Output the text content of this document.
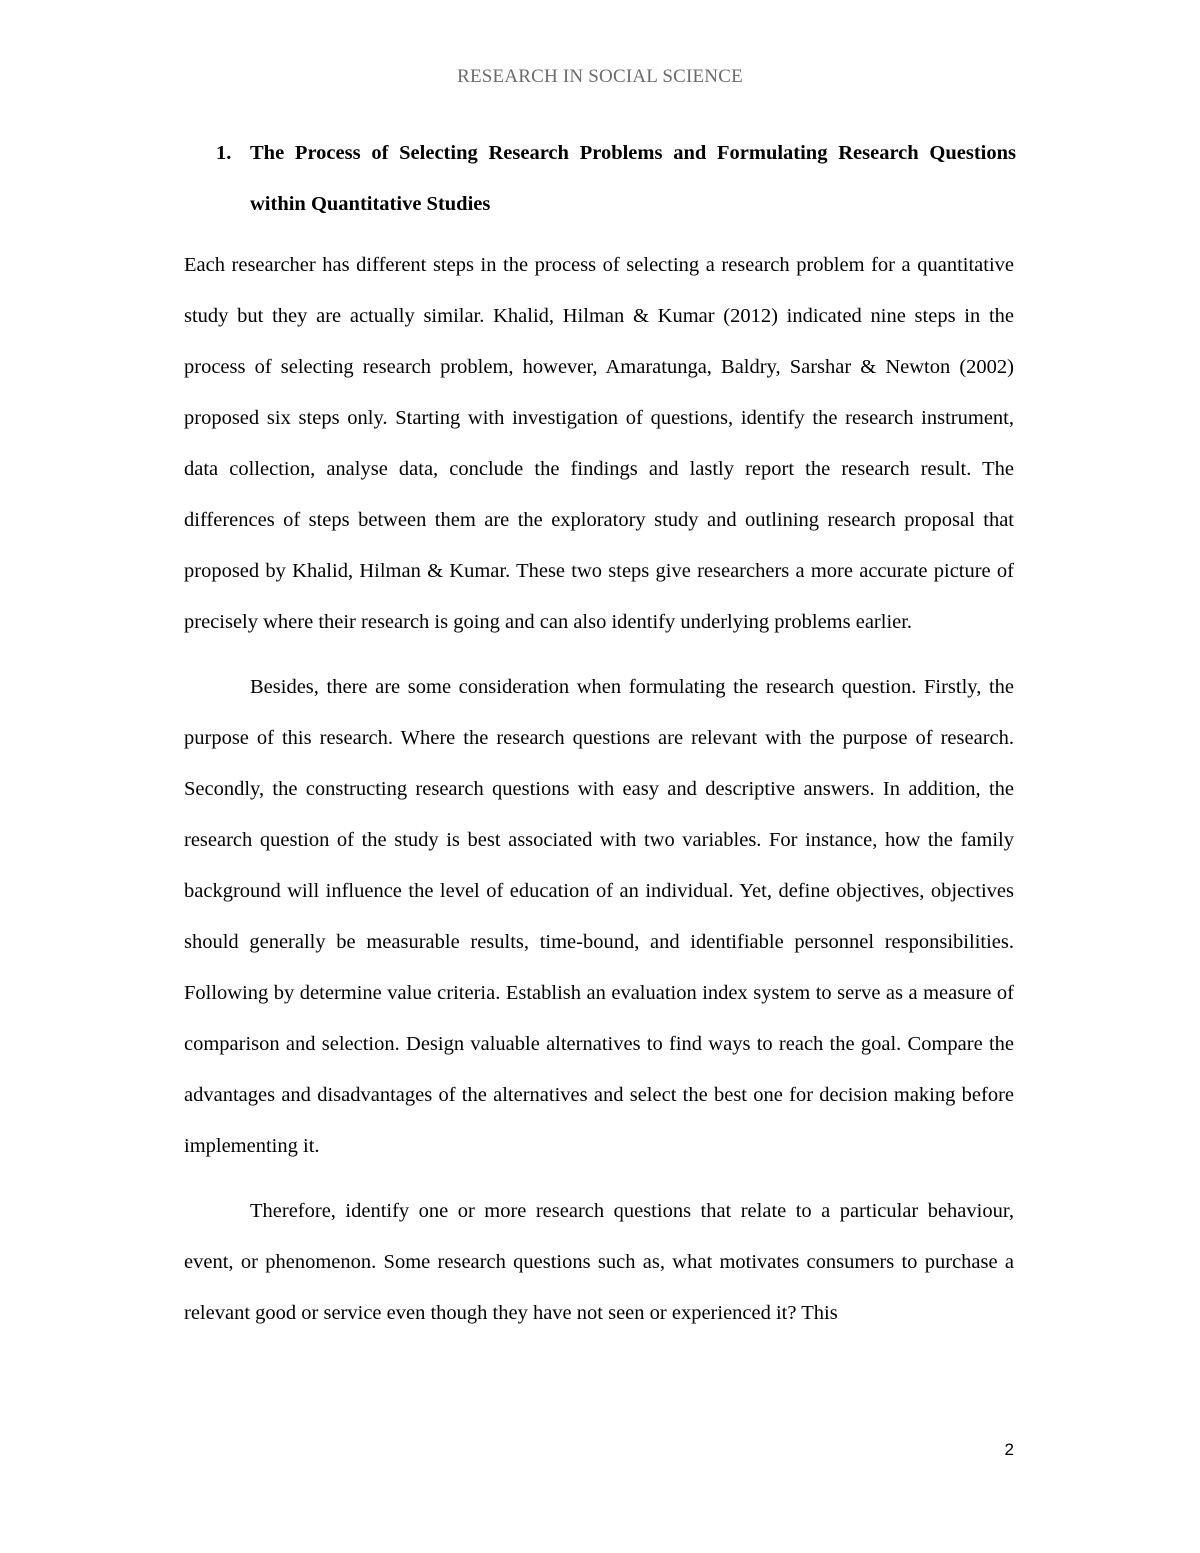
RESEARCH IN SOCIAL SCIENCE
1. The Process of Selecting Research Problems and Formulating Research Questions within Quantitative Studies

Each researcher has different steps in the process of selecting a research problem for a quantitative study but they are actually similar. Khalid, Hilman & Kumar (2012) indicated nine steps in the process of selecting research problem, however, Amaratunga, Baldry, Sarshar & Newton (2002) proposed six steps only. Starting with investigation of questions, identify the research instrument, data collection, analyse data, conclude the findings and lastly report the research result. The differences of steps between them are the exploratory study and outlining research proposal that proposed by Khalid, Hilman & Kumar. These two steps give researchers a more accurate picture of precisely where their research is going and can also identify underlying problems earlier.

Besides, there are some consideration when formulating the research question. Firstly, the purpose of this research. Where the research questions are relevant with the purpose of research. Secondly, the constructing research questions with easy and descriptive answers. In addition, the research question of the study is best associated with two variables. For instance, how the family background will influence the level of education of an individual. Yet, define objectives, objectives should generally be measurable results, time-bound, and identifiable personnel responsibilities. Following by determine value criteria. Establish an evaluation index system to serve as a measure of comparison and selection. Design valuable alternatives to find ways to reach the goal. Compare the advantages and disadvantages of the alternatives and select the best one for decision making before implementing it.

Therefore, identify one or more research questions that relate to a particular behaviour, event, or phenomenon. Some research questions such as, what motivates consumers to purchase a relevant good or service even though they have not seen or experienced it? This

2
